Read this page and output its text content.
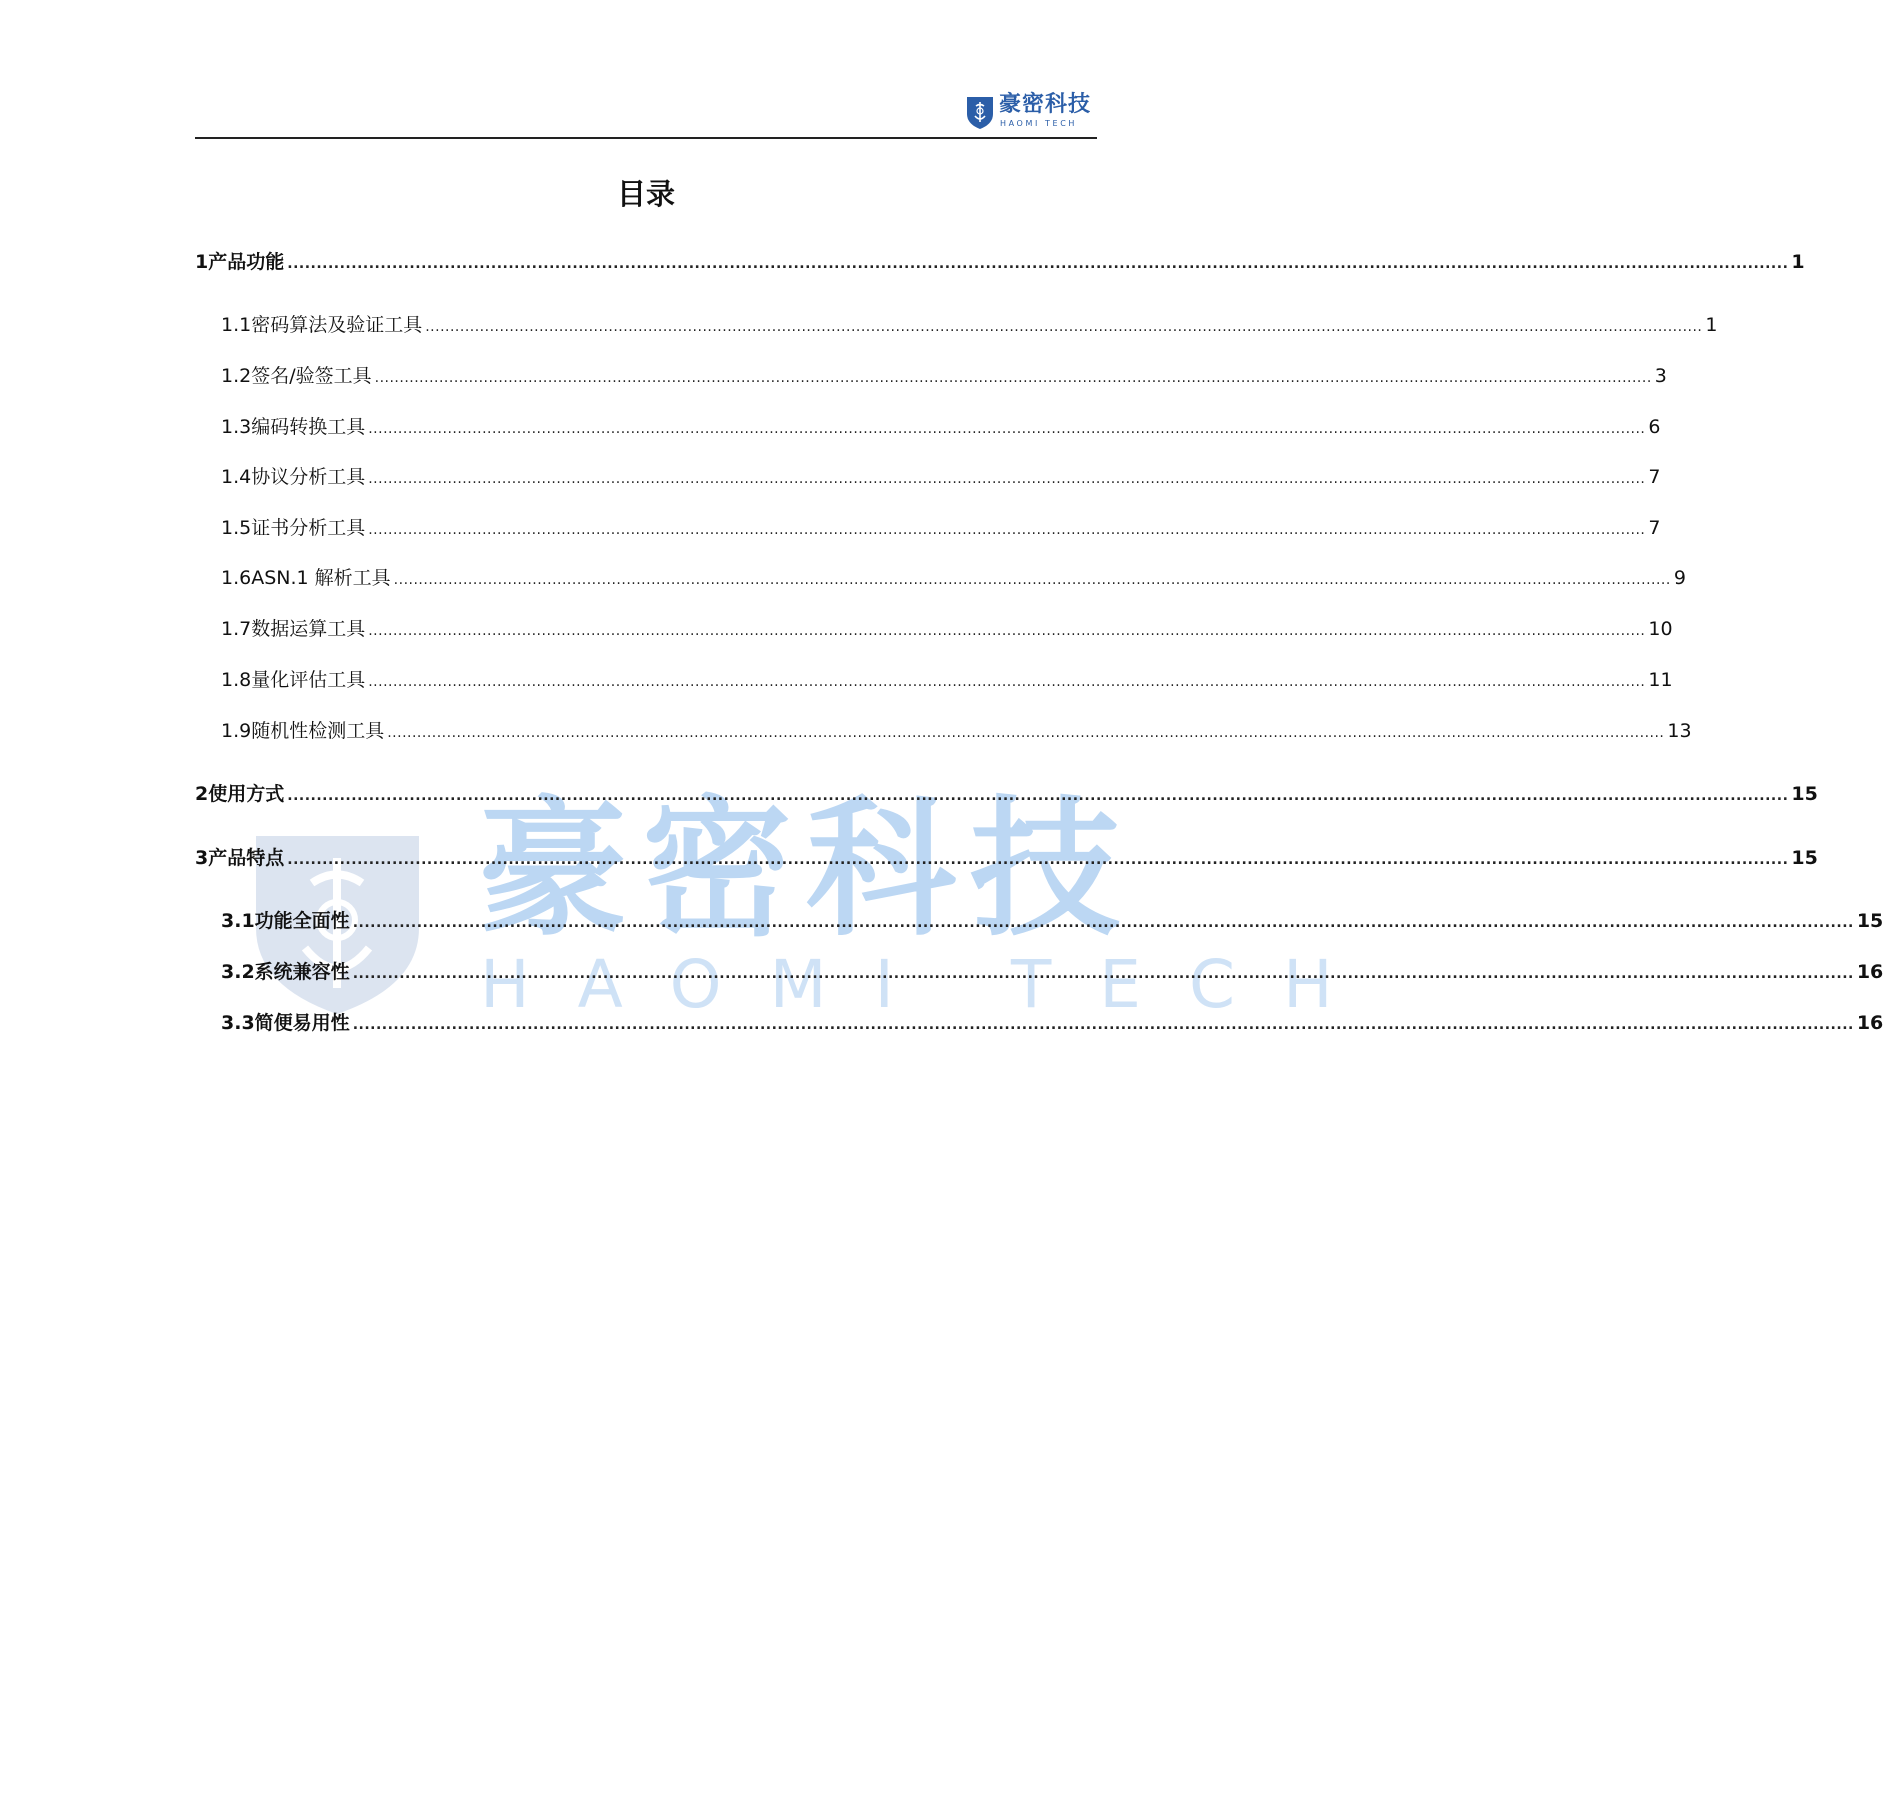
豪密科技
HAOMI TECH
目录
豪密科技
HAOMI TECH
1 产品功能 .....	1
1.1 密码算法及验证工具 .....	1
1.2 签名/验签工具 .....	3
1.3 编码转换工具 .....	6
1.4 协议分析工具 .....	7
1.5 证书分析工具 .....	7
1.6 ASN.1 解析工具 .....	9
1.7 数据运算工具 .....	10
1.8 量化评估工具 .....	11
1.9 随机性检测工具 .....	13
2 使用方式 .....	15
3 产品特点 .....	15
3.1 功能全面性 .....	15
3.2 系统兼容性 .....	16
3.3 简便易用性 .....	16
